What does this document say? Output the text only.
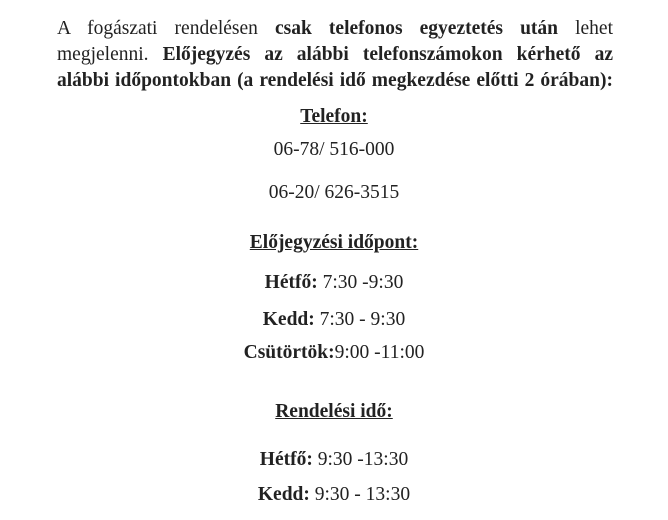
A fogászati rendelésen csak telefonos egyeztetés után lehet
megjelenni. Előjegyzés az alábbi telefonszámokon kérhető az
alábbi időpontokban (a rendelési idő megkezdése előtti 2 órában):
Telefon:
06-78/ 516-000
06-20/ 626-3515
Előjegyzési időpont:
Hétfő: 7:30 -9:30
Kedd: 7:30 - 9:30
Csütörtök:9:00 -11:00
Rendelési idő:
Hétfő: 9:30 -13:30
Kedd: 9:30 - 13:30
